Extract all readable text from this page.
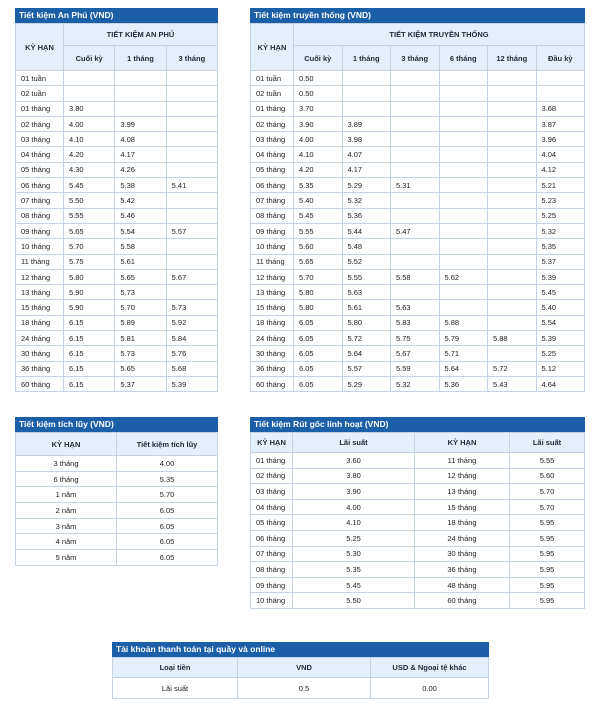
Tiết kiệm An Phú (VND)
KỲ HẠN	TIẾT KIỆM AN PHÚ		
	Cuối kỳ	1 tháng	3 tháng
01 tuần			
02 tuần			
01 tháng	3.80		
02 tháng	4.00	3.99	
03 tháng	4.10	4.08	
04 tháng	4.20	4.17	
05 tháng	4.30	4.26	
06 tháng	5.45	5.38	5.41
07 tháng	5.50	5.42	
08 tháng	5.55	5.46	
09 tháng	5.65	5.54	5.57
10 tháng	5.70	5.58	
11 tháng	5.75	5.61	
12 tháng	5.80	5.65	5.67
13 tháng	5.90	5.73	
15 tháng	5.90	5.70	5.73
18 tháng	6.15	5.89	5.92
24 tháng	6.15	5.81	5.84
30 tháng	6.15	5.73	5.76
36 tháng	6.15	5.65	5.68
60 tháng	6.15	5.37	5.39
Tiết kiệm truyền thống (VND)
KỲ HẠN	TIẾT KIỆM TRUYỀN THỐNG					
	Cuối kỳ	1 tháng	3 tháng	6 tháng	12 tháng	Đầu kỳ
01 tuần	0.50					
02 tuần	0.50					
01 tháng	3.70					3.68
02 tháng	3.90	3.89				3.87
03 tháng	4.00	3.98				3.96
04 tháng	4.10	4.07				4.04
05 tháng	4.20	4.17				4.12
06 tháng	5.35	5.29	5.31			5.21
07 tháng	5.40	5.32				5.23
08 tháng	5.45	5.36				5.25
09 tháng	5.55	5.44	5.47			5.32
10 tháng	5.60	5.48				5.35
11 tháng	5.65	5.52				5.37
12 tháng	5.70	5.55	5.58	5.62		5.39
13 tháng	5.80	5.63				5.45
15 tháng	5.80	5.61	5.63			5.40
18 tháng	6.05	5.80	5.83	5.88		5.54
24 tháng	6.05	5.72	5.75	5.79	5.88	5.39
30 tháng	6.05	5.64	5.67	5.71		5.25
36 tháng	6.05	5.57	5.59	5.64	5.72	5.12
60 tháng	6.05	5.29	5.32	5.36	5.43	4.64
Tiết kiệm tích lũy (VND)
KỲ HẠN	Tiết kiệm tích lũy
3 tháng	4.00
6 tháng	5.35
1 năm	5.70
2 năm	6.05
3 năm	6.05
4 năm	6.05
5 năm	6.05
Tiết kiệm Rút gốc linh hoạt (VND)
KỲ HẠN	Lãi suất	KỲ HẠN	Lãi suất
01 tháng	3.60	11 tháng	5.55
02 tháng	3.80	12 tháng	5.60
03 tháng	3.90	13 tháng	5.70
04 tháng	4.00	15 tháng	5.70
05 tháng	4.10	18 tháng	5.95
06 tháng	5.25	24 tháng	5.95
07 tháng	5.30	30 tháng	5.95
08 tháng	5.35	36 tháng	5.95
09 tháng	5.45	48 tháng	5.95
10 tháng	5.50	60 tháng	5.95
Tài khoản thanh toán tại quầy và online
Loại tiền	VND	USD & Ngoại tệ khác
Lãi suất	0.5	0.00
